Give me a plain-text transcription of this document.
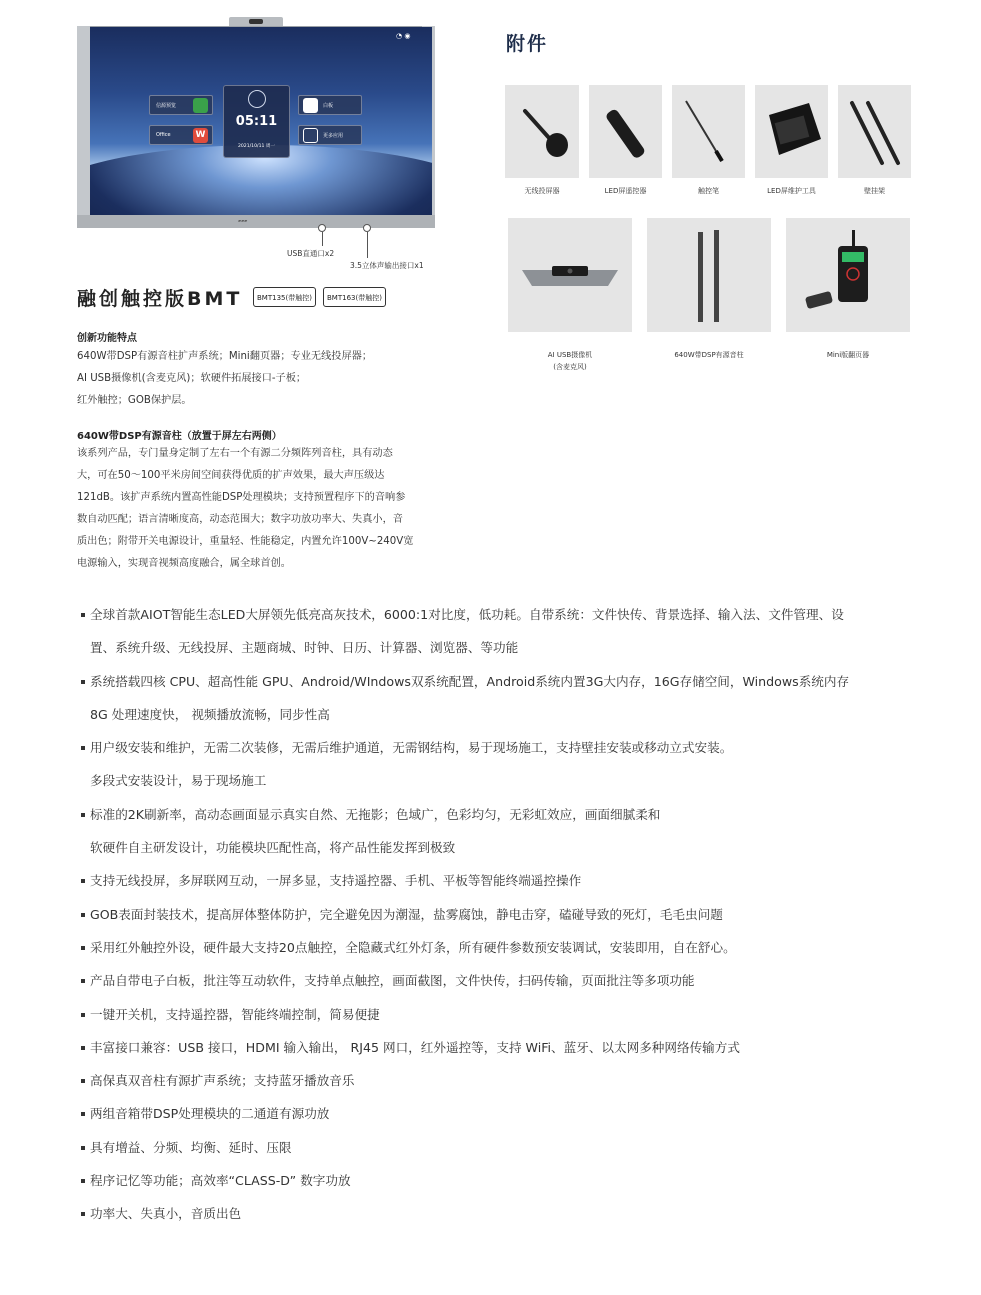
▰▰▰
◔ ◉
信源预览
Office	W
白板
更多应用
05:11
2021/10/11 周一
USB直通口x2
3.5立体声输出接口x1
融创触控版BMT	BMT135(带触控)	BMT163(带触控)
创新功能特点
640W带DSP有源音柱扩声系统；Mini翻页器；专业无线投屏器；
AI USB摄像机(含麦克风)；软硬件拓展接口-子板；
红外触控；GOB保护层。
640W带DSP有源音柱（放置于屏左右两侧）
该系列产品，专门量身定制了左右一个有源二分频阵列音柱，具有动态
大，可在50～100平米房间空间获得优质的扩声效果，最大声压级达
121dB。该扩声系统内置高性能DSP处理模块；支持预置程序下的音响参
数自动匹配；语言清晰度高，动态范围大；数字功放功率大、失真小，音
质出色；附带开关电源设计，重量轻、性能稳定，内置允许100V~240V宽
电源输入，实现音视频高度融合，属全球首创。
附件
无线投屏器	LED屏遥控器	触控笔	LED屏维护工具	壁挂架
AI USB摄像机
(含麦克风)
640W带DSP有源音柱	Mini版翻页器
全球首款AIOT智能生态LED大屏领先低亮高灰技术，6000:1对比度，低功耗。自带系统：文件快传、背景选择、输入法、文件管理、设
置、系统升级、无线投屏、主题商城、时钟、日历、计算器、浏览器、等功能
系统搭载四核 CPU、超高性能 GPU、Android/WIndows双系统配置，Android系统内置3G大内存，16G存储空间，Windows系统内存
8G 处理速度快， 视频播放流畅，同步性高
用户级安装和维护，无需二次装修，无需后维护通道，无需钢结构，易于现场施工，支持壁挂安装或移动立式安装。
多段式安装设计，易于现场施工
标准的2K刷新率，高动态画面显示真实自然、无拖影；色域广，色彩均匀，无彩虹效应，画面细腻柔和
软硬件自主研发设计，功能模块匹配性高，将产品性能发挥到极致
支持无线投屏，多屏联网互动，一屏多显，支持遥控器、手机、平板等智能终端遥控操作
GOB表面封装技术，提高屏体整体防护，完全避免因为潮湿，盐雾腐蚀，静电击穿，磕碰导致的死灯，毛毛虫问题
采用红外触控外设，硬件最大支持20点触控，全隐藏式红外灯条，所有硬件参数预安装调试，安装即用，自在舒心。
产品自带电子白板，批注等互动软件，支持单点触控，画面截图，文件快传，扫码传输，页面批注等多项功能
一键开关机，支持遥控器，智能终端控制，简易便捷
丰富接口兼容：USB 接口，HDMI 输入输出， RJ45 网口，红外遥控等，支持 WiFi、蓝牙、以太网多种网络传输方式
高保真双音柱有源扩声系统；支持蓝牙播放音乐
两组音箱带DSP处理模块的二通道有源功放
具有增益、分频、均衡、延时、压限
程序记忆等功能；高效率“CLASS-D” 数字功放
功率大、失真小，音质出色
